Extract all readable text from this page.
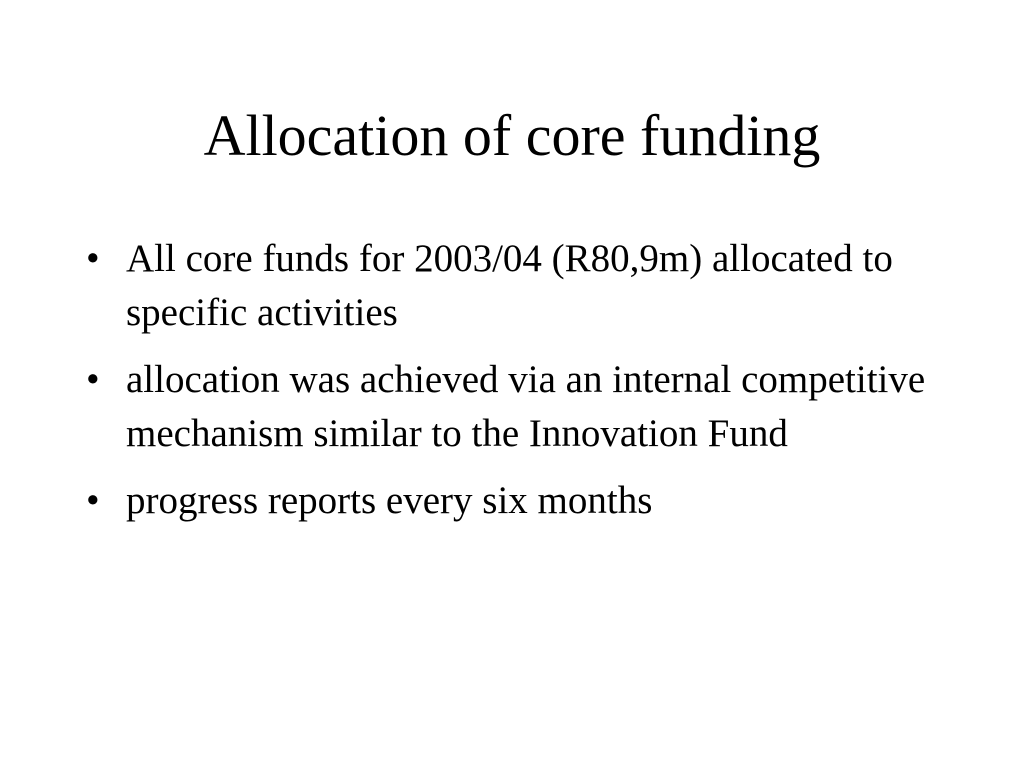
Allocation of core funding
• All core funds for 2003/04 (R80,9m) allocated to specific activities
• allocation was achieved via an internal competitive mechanism similar to the Innovation Fund
• progress reports every six months
